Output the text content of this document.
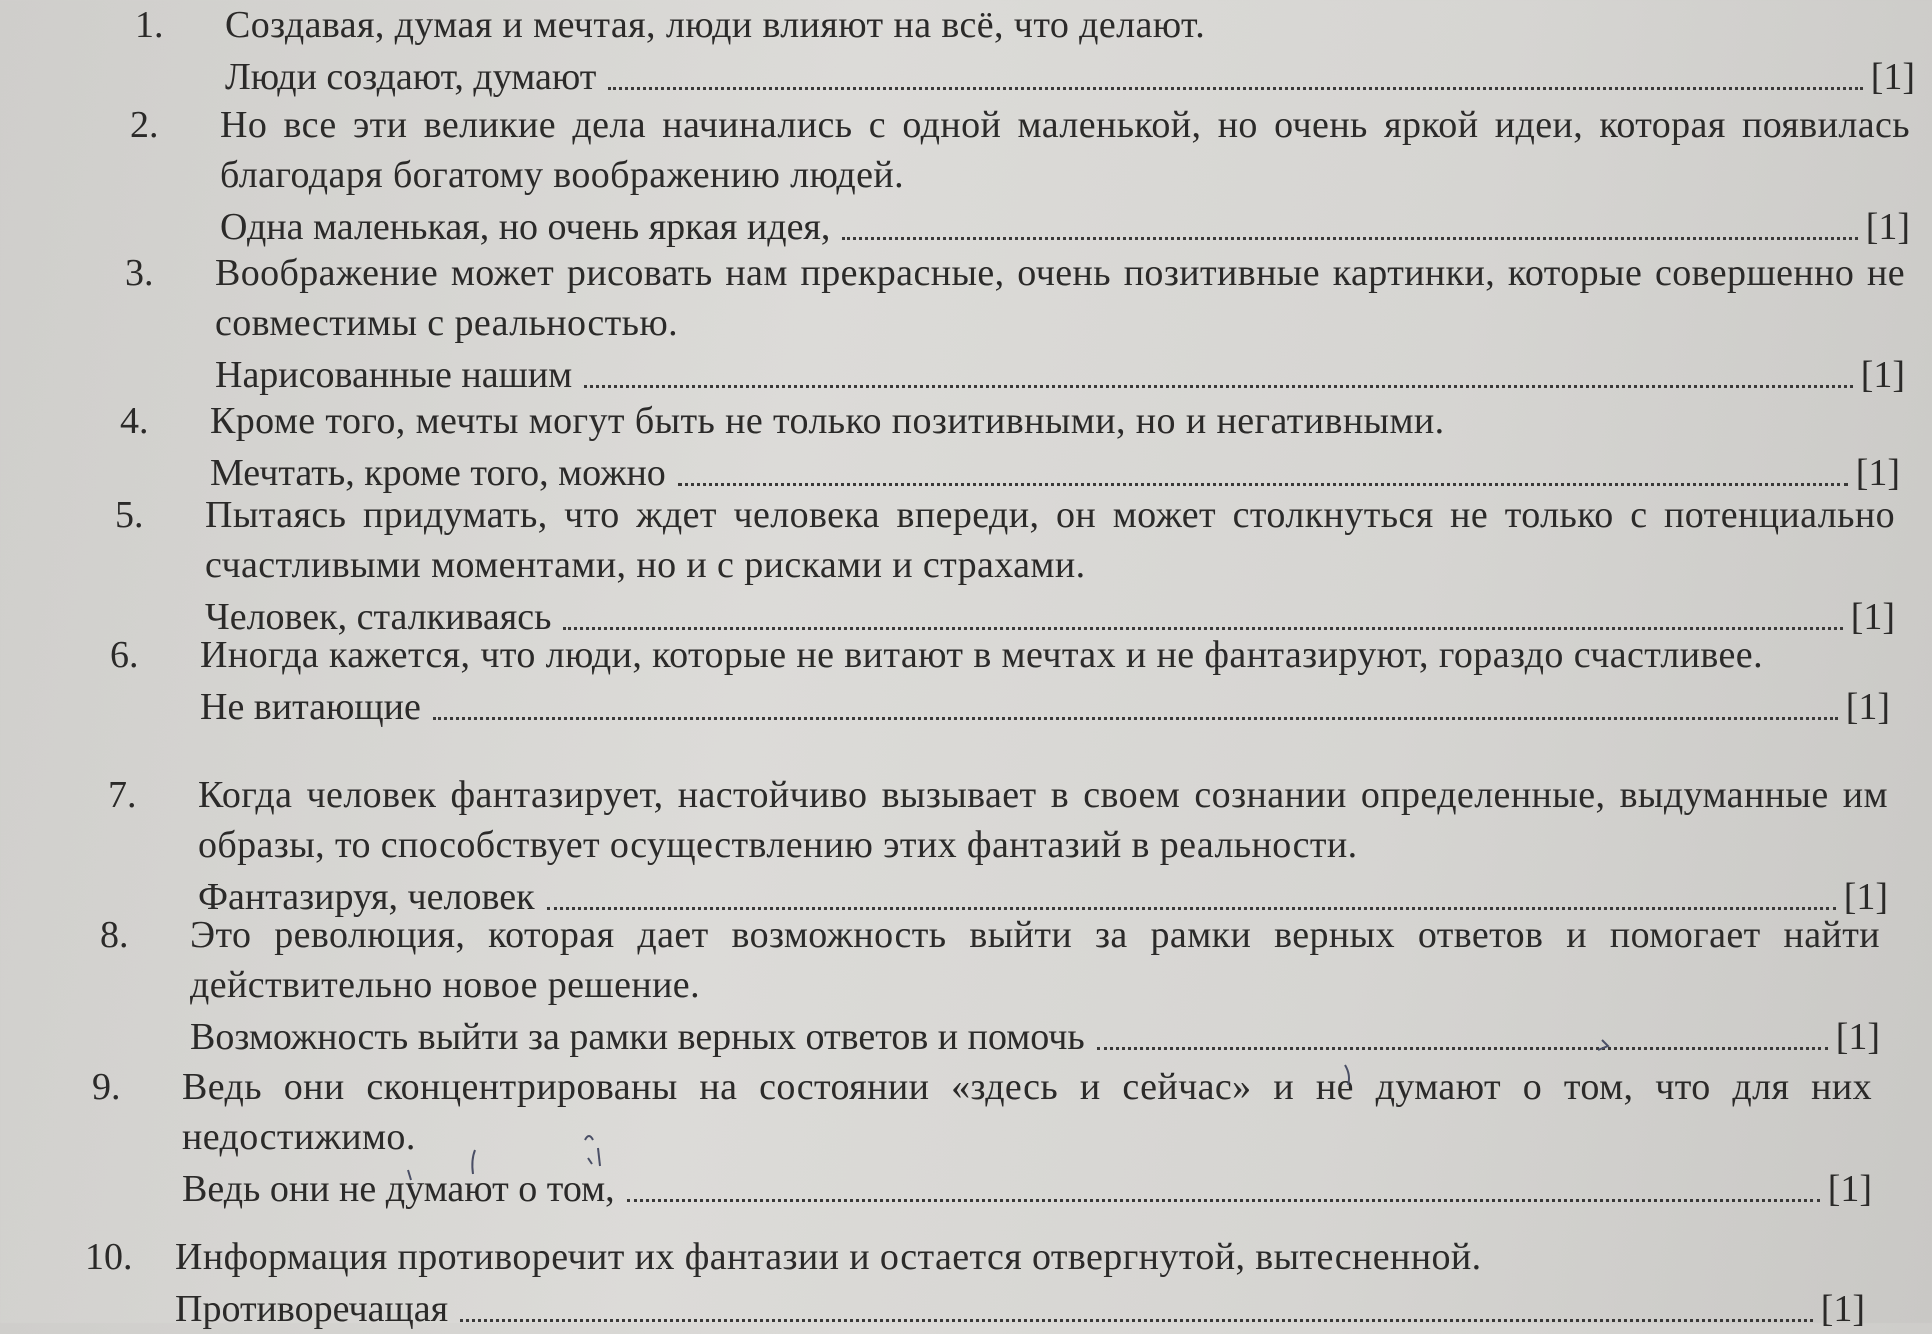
1.	Создавая, думая и мечтая, люди влияют на всё, что делают.
Люди создают, думают	[1]
2.	Но все эти великие дела начинались с одной маленькой, но очень яркой идеи, которая появилась благодаря богатому воображению людей.
Одна маленькая, но очень яркая идея,	[1]
3.	Воображение может рисовать нам прекрасные, очень позитивные картинки, которые совершенно не совместимы с реальностью.
Нарисованные нашим	[1]
4.	Кроме того, мечты могут быть не только позитивными, но и негативными.
Мечтать, кроме того, можно	[1]
5.	Пытаясь придумать, что ждет человека впереди, он может столкнуться не только с потенциально счастливыми моментами, но и с рисками и страхами.
Человек, сталкиваясь	[1]
6.	Иногда кажется, что люди, которые не витают в мечтах и не фантазируют, гораздо счастливее.
Не витающие	[1]
7.	Когда человек фантазирует, настойчиво вызывает в своем сознании определенные, выдуманные им образы, то способствует осуществлению этих фантазий в реальности.
Фантазируя, человек	[1]
8.	Это революция, которая дает возможность выйти за рамки верных ответов и помогает найти действительно новое решение.
Возможность выйти за рамки верных ответов и помочь	[1]
9.	Ведь они сконцентрированы на состоянии «здесь и сейчас» и не думают о том, что для них недостижимо.
Ведь они не думают о том,	[1]
10.	Информация противоречит их фантазии и остается отвергнутой, вытесненной.
Противоречащая	[1]
